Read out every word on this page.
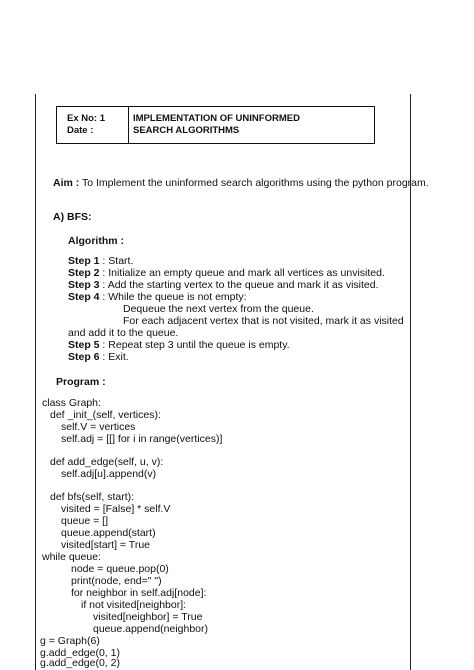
Ex No: 1
Date :
IMPLEMENTATION OF UNINFORMED
SEARCH ALGORITHMS
Aim : To Implement the uninformed search algorithms using the python program.
A) BFS:
Algorithm :
Step 1 : Start.
Step 2 : Initialize an empty queue and mark all vertices as unvisited.
Step 3 : Add the starting vertex to the queue and mark it as visited.
Step 4 : While the queue is not empty:
Dequeue the next vertex from the queue.
For each adjacent vertex that is not visited, mark it as visited
and add it to the queue.
Step 5 : Repeat step 3 until the queue is empty.
Step 6 : Exit.
Program :
class Graph:
def _init_(self, vertices):
self.V = vertices
self.adj = [[] for i in range(vertices)]
def add_edge(self, u, v):
self.adj[u].append(v)
def bfs(self, start):
visited = [False] * self.V
queue = []
queue.append(start)
visited[start] = True
while queue:
node = queue.pop(0)
print(node, end=" ")
for neighbor in self.adj[node]:
if not visited[neighbor]:
visited[neighbor] = True
queue.append(neighbor)
g = Graph(6)
g.add_edge(0, 1)
g.add_edge(0, 2)
